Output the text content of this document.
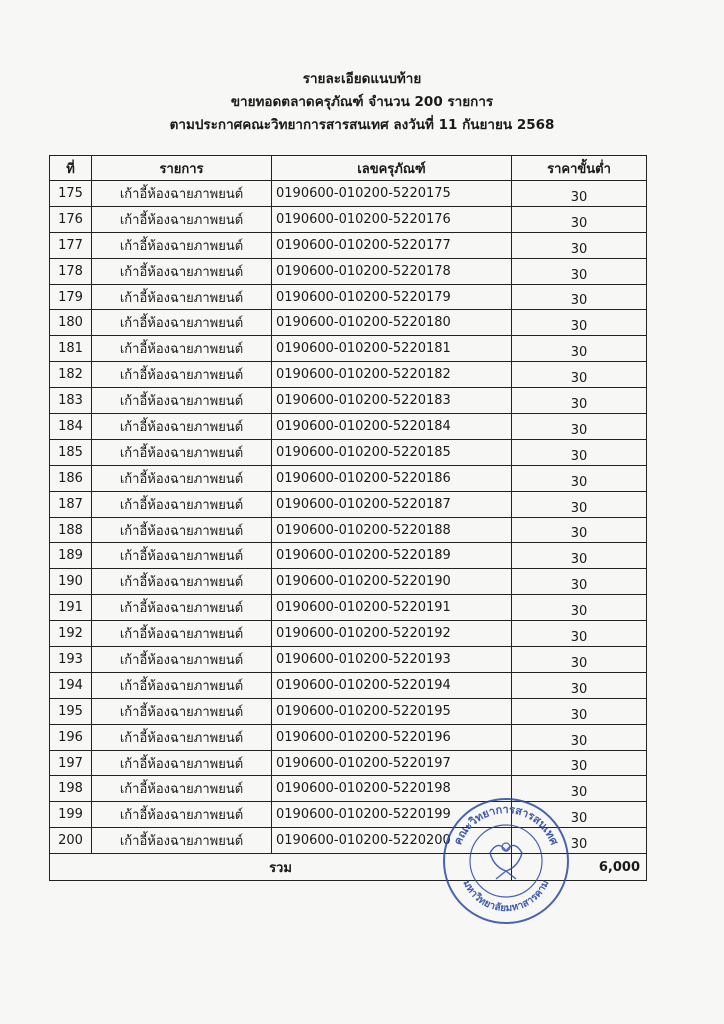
รายละเอียดแนบท้าย
ขายทอดตลาดครุภัณฑ์ จำนวน 200 รายการ
ตามประกาศคณะวิทยาการสารสนเทศ ลงวันที่ 11 กันยายน 2568
ที่	รายการ	เลขครุภัณฑ์	ราคาขั้นต่ำ
175	เก้าอี้ห้องฉายภาพยนต์	0190600-010200-5220175	30
176	เก้าอี้ห้องฉายภาพยนต์	0190600-010200-5220176	30
177	เก้าอี้ห้องฉายภาพยนต์	0190600-010200-5220177	30
178	เก้าอี้ห้องฉายภาพยนต์	0190600-010200-5220178	30
179	เก้าอี้ห้องฉายภาพยนต์	0190600-010200-5220179	30
180	เก้าอี้ห้องฉายภาพยนต์	0190600-010200-5220180	30
181	เก้าอี้ห้องฉายภาพยนต์	0190600-010200-5220181	30
182	เก้าอี้ห้องฉายภาพยนต์	0190600-010200-5220182	30
183	เก้าอี้ห้องฉายภาพยนต์	0190600-010200-5220183	30
184	เก้าอี้ห้องฉายภาพยนต์	0190600-010200-5220184	30
185	เก้าอี้ห้องฉายภาพยนต์	0190600-010200-5220185	30
186	เก้าอี้ห้องฉายภาพยนต์	0190600-010200-5220186	30
187	เก้าอี้ห้องฉายภาพยนต์	0190600-010200-5220187	30
188	เก้าอี้ห้องฉายภาพยนต์	0190600-010200-5220188	30
189	เก้าอี้ห้องฉายภาพยนต์	0190600-010200-5220189	30
190	เก้าอี้ห้องฉายภาพยนต์	0190600-010200-5220190	30
191	เก้าอี้ห้องฉายภาพยนต์	0190600-010200-5220191	30
192	เก้าอี้ห้องฉายภาพยนต์	0190600-010200-5220192	30
193	เก้าอี้ห้องฉายภาพยนต์	0190600-010200-5220193	30
194	เก้าอี้ห้องฉายภาพยนต์	0190600-010200-5220194	30
195	เก้าอี้ห้องฉายภาพยนต์	0190600-010200-5220195	30
196	เก้าอี้ห้องฉายภาพยนต์	0190600-010200-5220196	30
197	เก้าอี้ห้องฉายภาพยนต์	0190600-010200-5220197	30
198	เก้าอี้ห้องฉายภาพยนต์	0190600-010200-5220198	30
199	เก้าอี้ห้องฉายภาพยนต์	0190600-010200-5220199	30
200	เก้าอี้ห้องฉายภาพยนต์	0190600-010200-5220200	30
รวม			6,000
คณะวิทยาการสารสนเทศ
มหาวิทยาลัยมหาสารคาม
